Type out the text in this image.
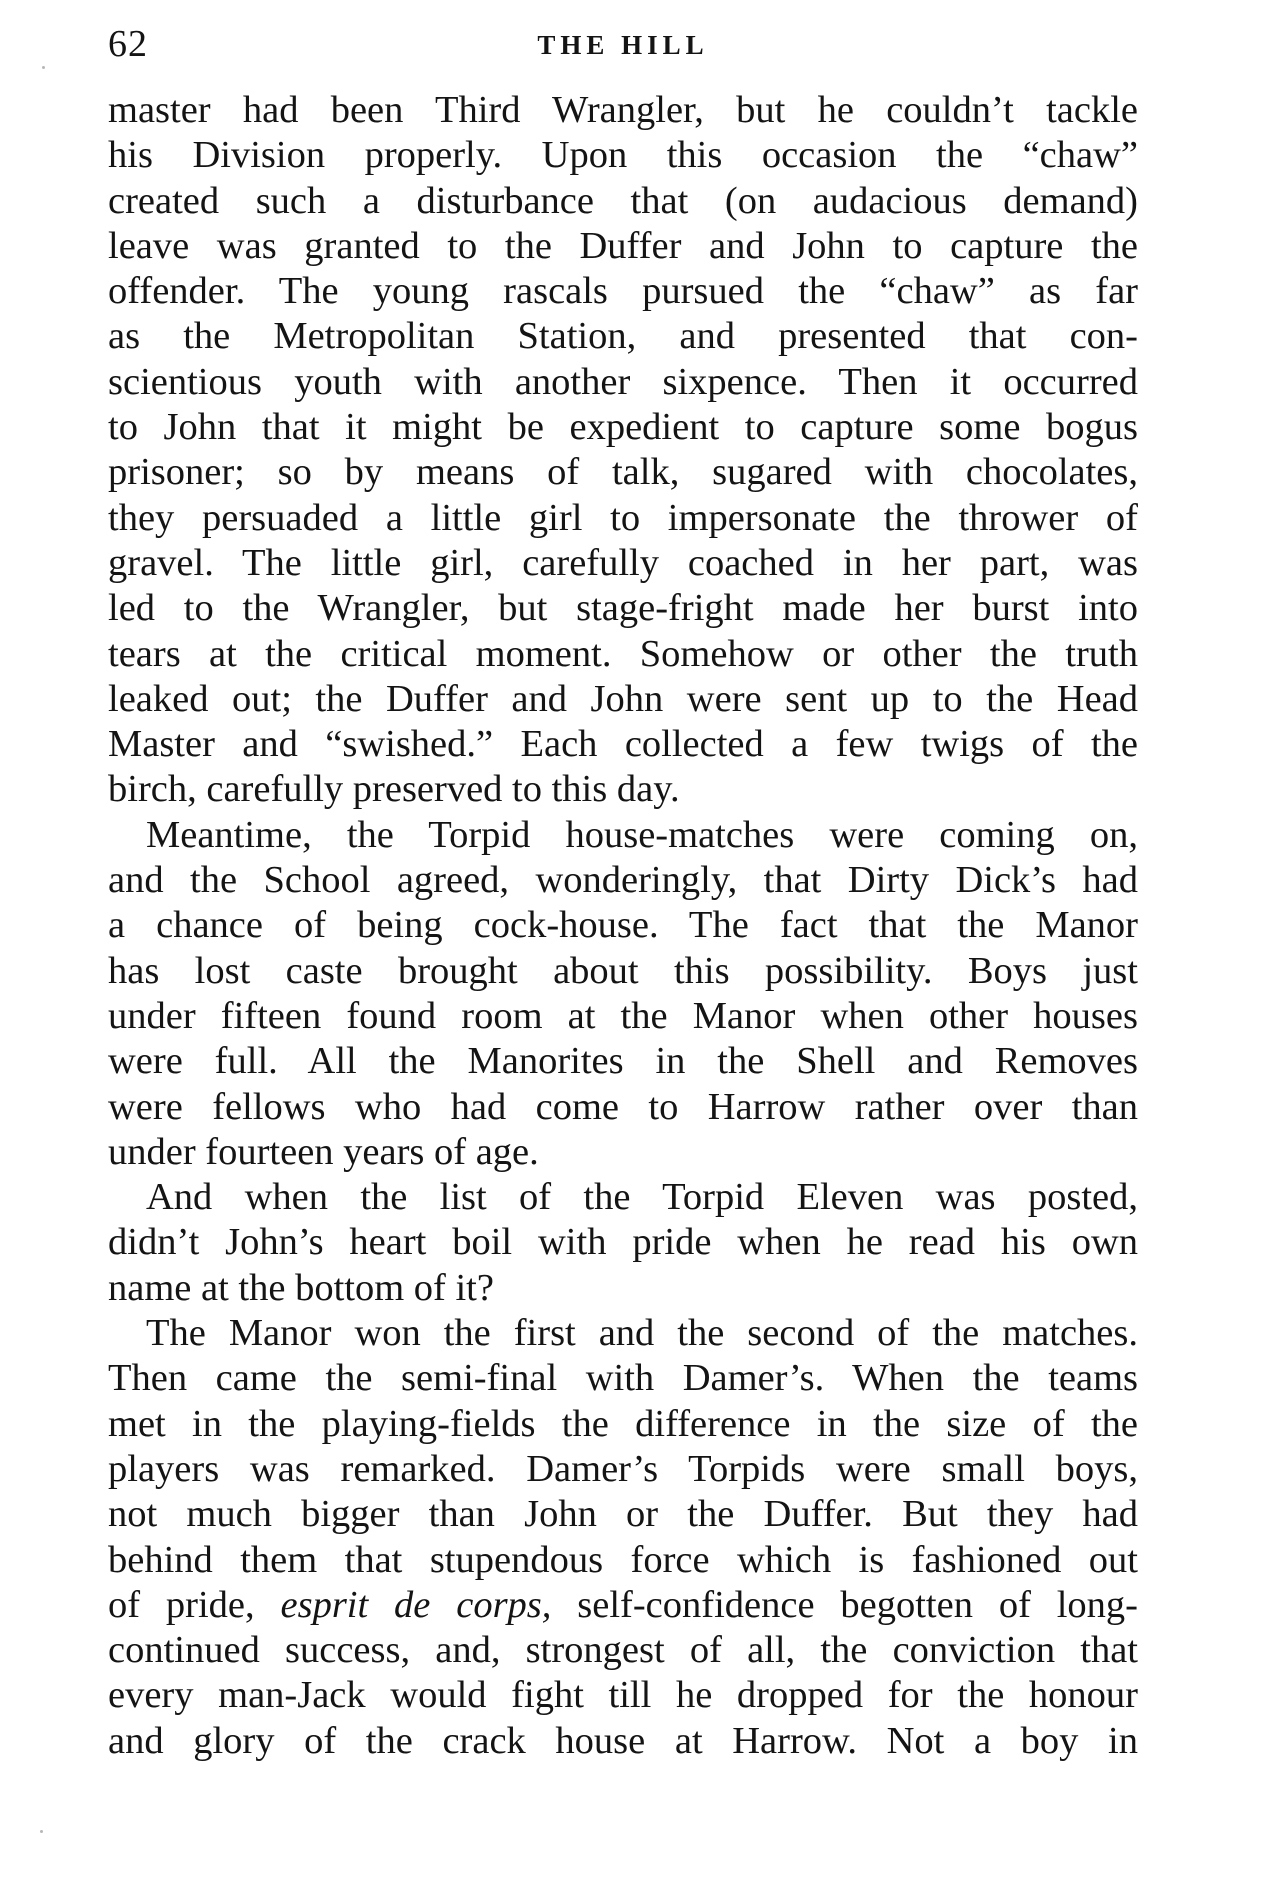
62	THE HILL
master had been Third Wrangler, but he couldn’t tackle
his Division properly. Upon this occasion the “chaw”
created such a disturbance that (on audacious demand)
leave was granted to the Duffer and John to capture the
offender. The young rascals pursued the “chaw” as far
as the Metropolitan Station, and presented that con-
scientious youth with another sixpence. Then it occurred
to John that it might be expedient to capture some bogus
prisoner; so by means of talk, sugared with chocolates,
they persuaded a little girl to impersonate the thrower of
gravel. The little girl, carefully coached in her part, was
led to the Wrangler, but stage-fright made her burst into
tears at the critical moment. Somehow or other the truth
leaked out; the Duffer and John were sent up to the Head
Master and “swished.” Each collected a few twigs of the
birch, carefully preserved to this day.
Meantime, the Torpid house-matches were coming on,
and the School agreed, wonderingly, that Dirty Dick’s had
a chance of being cock-house. The fact that the Manor
has lost caste brought about this possibility. Boys just
under fifteen found room at the Manor when other houses
were full. All the Manorites in the Shell and Removes
were fellows who had come to Harrow rather over than
under fourteen years of age.
And when the list of the Torpid Eleven was posted,
didn’t John’s heart boil with pride when he read his own
name at the bottom of it?
The Manor won the first and the second of the matches.
Then came the semi-final with Damer’s. When the teams
met in the playing-fields the difference in the size of the
players was remarked. Damer’s Torpids were small boys,
not much bigger than John or the Duffer. But they had
behind them that stupendous force which is fashioned out
of pride, esprit de corps, self-confidence begotten of long-
continued success, and, strongest of all, the conviction that
every man-Jack would fight till he dropped for the honour
and glory of the crack house at Harrow. Not a boy in
